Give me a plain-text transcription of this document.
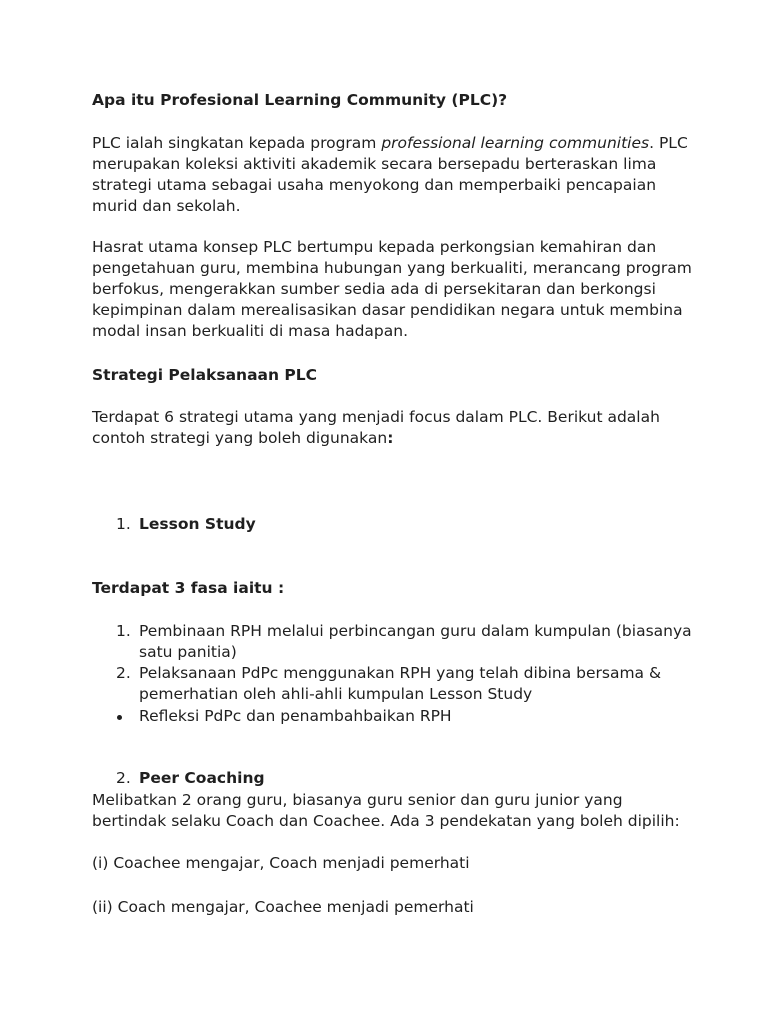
Apa itu Profesional Learning Community (PLC)?

PLC ialah singkatan kepada program professional learning communities. PLC merupakan koleksi aktiviti akademik secara bersepadu berteraskan lima strategi utama sebagai usaha menyokong dan memperbaiki pencapaian murid dan sekolah.

Hasrat utama konsep PLC bertumpu kepada perkongsian kemahiran dan pengetahuan guru, membina hubungan yang berkualiti, merancang program berfokus, mengerakkan sumber sedia ada di persekitaran dan berkongsi kepimpinan dalam merealisasikan dasar pendidikan negara untuk membina modal insan berkualiti di masa hadapan.

Strategi Pelaksanaan PLC

Terdapat 6 strategi utama yang menjadi focus dalam PLC. Berikut adalah contoh strategi yang boleh digunakan:

1. Lesson Study

Terdapat 3 fasa iaitu :

1. Pembinaan RPH melalui perbincangan guru dalam kumpulan (biasanya satu panitia)

2. Pelaksanaan PdPc menggunakan RPH yang telah dibina bersama & pemerhatian oleh ahli-ahli kumpulan Lesson Study

Refleksi PdPc dan penambahbaikan RPH

2. Peer Coaching

Melibatkan 2 orang guru, biasanya guru senior dan guru junior yang bertindak selaku Coach dan Coachee. Ada 3 pendekatan yang boleh dipilih:

(i) Coachee mengajar, Coach menjadi pemerhati

(ii) Coach mengajar, Coachee menjadi pemerhati
